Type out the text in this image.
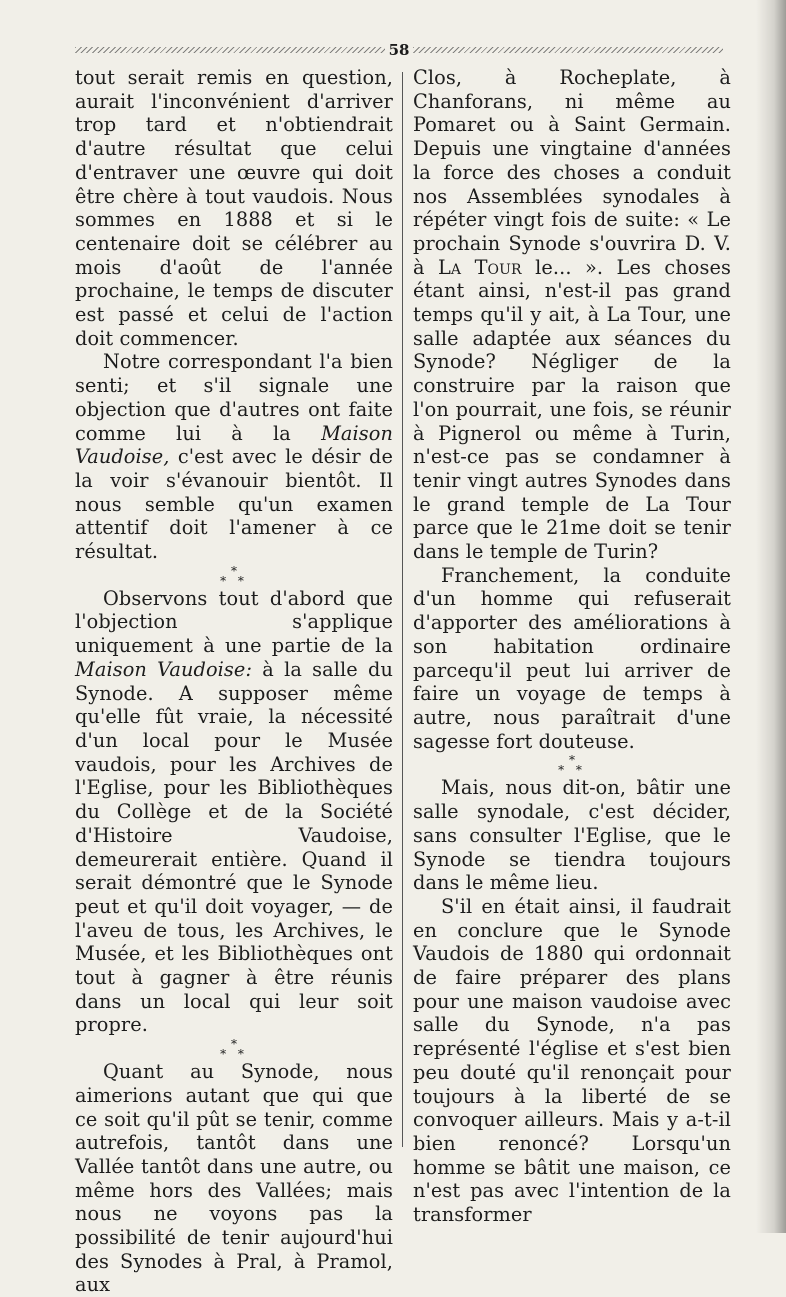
58

tout serait remis en question, aurait l'inconvénient d'arriver trop tard et n'obtiendrait d'autre résultat que celui d'entraver une œuvre qui doit être chère à tout vaudois. Nous sommes en 1888 et si le centenaire doit se célébrer au mois d'août de l'année prochaine, le temps de discuter est passé et celui de l'action doit commencer.

Notre correspondant l'a bien senti; et s'il signale une objection que d'autres ont faite comme lui à la Maison Vaudoise, c'est avec le désir de la voir s'évanouir bientôt. Il nous semble qu'un examen attentif doit l'amener à ce résultat.

*
* *

Observons tout d'abord que l'objection s'applique uniquement à une partie de la Maison Vaudoise: à la salle du Synode. A supposer même qu'elle fût vraie, la nécessité d'un local pour le Musée vaudois, pour les Archives de l'Eglise, pour les Bibliothèques du Collège et de la Société d'Histoire Vaudoise, demeurerait entière. Quand il serait démontré que le Synode peut et qu'il doit voyager, — de l'aveu de tous, les Archives, le Musée, et les Bibliothèques ont tout à gagner à être réunis dans un local qui leur soit propre.

*
* *

Quant au Synode, nous aimerions autant que qui que ce soit qu'il pût se tenir, comme autrefois, tantôt dans une Vallée tantôt dans une autre, ou même hors des Vallées; mais nous ne voyons pas la possibilité de tenir aujourd'hui des Synodes à Pral, à Pramol, aux

Clos, à Rocheplate, à Chanforans, ni même au Pomaret ou à Saint Germain. Depuis une vingtaine d'années la force des choses a conduit nos Assemblées synodales à répéter vingt fois de suite: « Le prochain Synode s'ouvrira D. V. à La Tour le... ». Les choses étant ainsi, n'est-il pas grand temps qu'il y ait, à La Tour, une salle adaptée aux séances du Synode? Négliger de la construire par la raison que l'on pourrait, une fois, se réunir à Pignerol ou même à Turin, n'est-ce pas se condamner à tenir vingt autres Synodes dans le grand temple de La Tour parce que le 21me doit se tenir dans le temple de Turin?

Franchement, la conduite d'un homme qui refuserait d'apporter des améliorations à son habitation ordinaire parcequ'il peut lui arriver de faire un voyage de temps à autre, nous paraîtrait d'une sagesse fort douteuse.

*
* *

Mais, nous dit-on, bâtir une salle synodale, c'est décider, sans consulter l'Eglise, que le Synode se tiendra toujours dans le même lieu.

S'il en était ainsi, il faudrait en conclure que le Synode Vaudois de 1880 qui ordonnait de faire préparer des plans pour une maison vaudoise avec salle du Synode, n'a pas représenté l'église et s'est bien peu douté qu'il renonçait pour toujours à la liberté de se convoquer ailleurs. Mais y a-t-il bien renoncé? Lorsqu'un homme se bâtit une maison, ce n'est pas avec l'intention de la transformer
